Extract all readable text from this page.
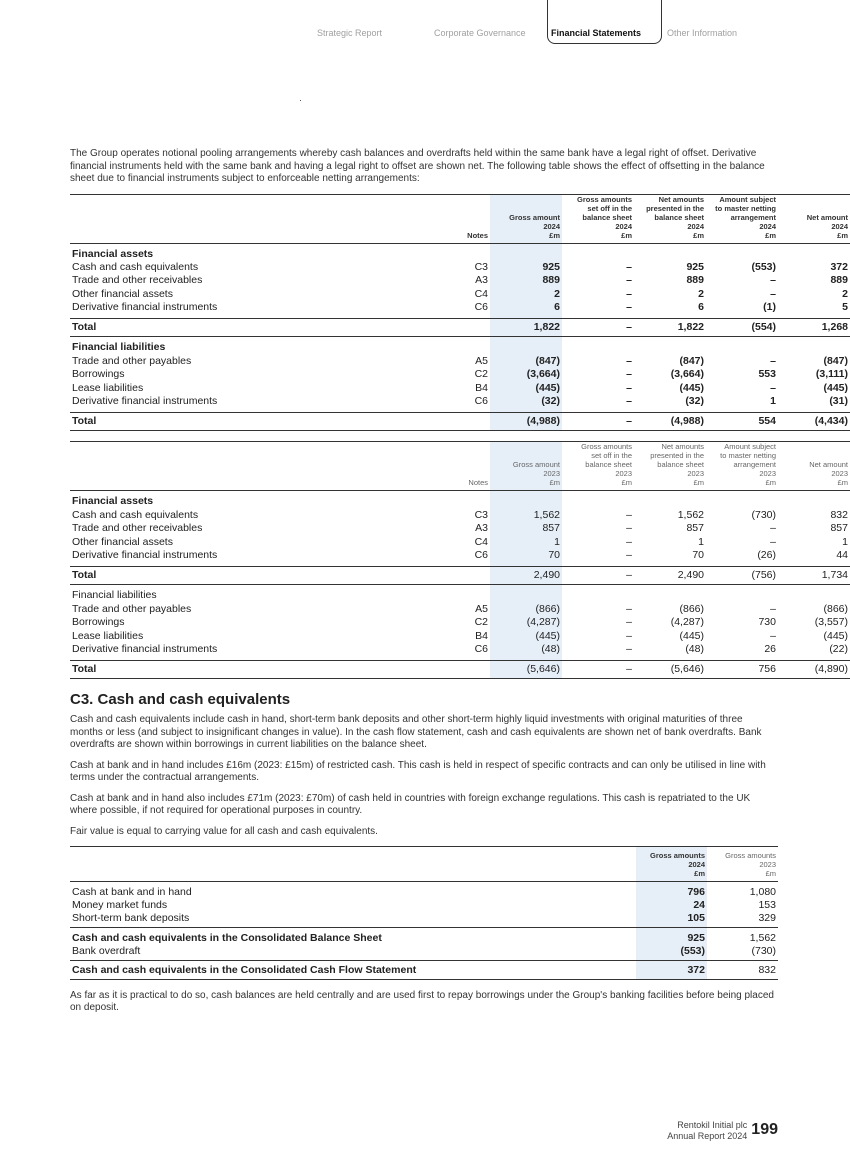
Strategic Report	Corporate Governance	Financial Statements	Other Information

The Group operates notional pooling arrangements whereby cash balances and overdrafts held within the same bank have a legal right of offset. Derivative financial instruments held with the same bank and having a legal right to offset are shown net. The following table shows the effect of offsetting in the balance sheet due to financial instruments subject to enforceable netting arrangements:

	Notes	Gross amount
2024
£m	Gross amounts
set off in the
balance sheet
2024
£m	Net amounts
presented in the
balance sheet
2024
£m	Amount subject
to master netting
arrangement
2024
£m	Net amount
2024
£m
Financial assets						
Cash and cash equivalents	C3	925	–	925	(553)	372
Trade and other receivables	A3	889	–	889	–	889
Other financial assets	C4	2	–	2	–	2
Derivative financial instruments	C6	6	–	6	(1)	5

Total		1,822	–	1,822	(554)	1,268
Financial liabilities						
Trade and other payables	A5	(847)	–	(847)	–	(847)
Borrowings	C2	(3,664)	–	(3,664)	553	(3,111)
Lease liabilities	B4	(445)	–	(445)	–	(445)
Derivative financial instruments	C6	(32)	–	(32)	1	(31)

Total		(4,988)	–	(4,988)	554	(4,434)
	Notes	Gross amount
2023
£m	Gross amounts
set off in the
balance sheet
2023
£m	Net amounts
presented in the
balance sheet
2023
£m	Amount subject
to master netting
arrangement
2023
£m	Net amount
2023
£m
Financial assets						
Cash and cash equivalents	C3	1,562	–	1,562	(730)	832
Trade and other receivables	A3	857	–	857	–	857
Other financial assets	C4	1	–	1	–	1
Derivative financial instruments	C6	70	–	70	(26)	44

Total		2,490	–	2,490	(756)	1,734
Financial liabilities						
Trade and other payables	A5	(866)	–	(866)	–	(866)
Borrowings	C2	(4,287)	–	(4,287)	730	(3,557)
Lease liabilities	B4	(445)	–	(445)	–	(445)
Derivative financial instruments	C6	(48)	–	(48)	26	(22)

Total		(5,646)	–	(5,646)	756	(4,890)
C3. Cash and cash equivalents

Cash and cash equivalents include cash in hand, short-term bank deposits and other short-term highly liquid investments with original maturities of three months or less (and subject to insignificant changes in value). In the cash flow statement, cash and cash equivalents are shown net of bank overdrafts. Bank overdrafts are shown within borrowings in current liabilities on the balance sheet.

Cash at bank and in hand includes £16m (2023: £15m) of restricted cash. This cash is held in respect of specific contracts and can only be utilised in line with terms under the contractual arrangements.

Cash at bank and in hand also includes £71m (2023: £70m) of cash held in countries with foreign exchange regulations. This cash is repatriated to the UK where possible, if not required for operational purposes in country.

Fair value is equal to carrying value for all cash and cash equivalents.

	Gross amounts
2024
£m	Gross amounts
2023
£m

Cash at bank and in hand	796	1,080
Money market funds	24	153
Short-term bank deposits	105	329
Cash and cash equivalents in the Consolidated Balance Sheet	925	1,562
Bank overdraft	(553)	(730)
Cash and cash equivalents in the Consolidated Cash Flow Statement	372	832

As far as it is practical to do so, cash balances are held centrally and are used first to repay borrowings under the Group's banking facilities before being placed on deposit.

Rentokil Initial plc
Annual Report 2024 199
